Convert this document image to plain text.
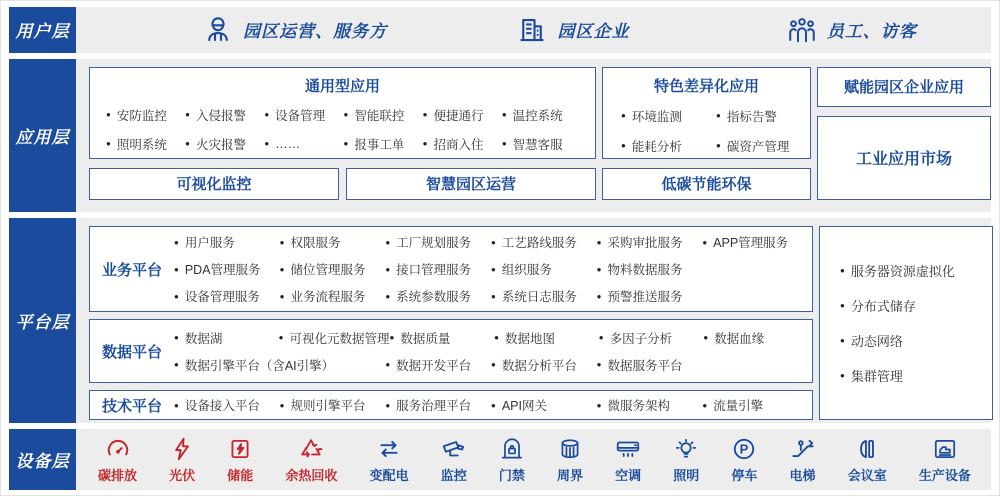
用户层	园区运营、服务方	园区企业	员工、访客
应用层
通用型应用
● 安防监控	● 入侵报警	● 设备管理	● 智能联控	● 便捷通行	● 温控系统
● 照明系统	● 火灾报警	● ……	● 报事工单	● 招商入住	● 智慧客服
可视化监控	智慧园区运营
特色差异化应用
● 环境监测	● 指标告警
● 能耗分析	● 碳资产管理
低碳节能环保
赋能园区企业应用
工业应用市场
平台层
业务平台
● 用户服务	● 权限服务	● 工厂规划服务	● 工艺路线服务	● 采购审批服务	● APP管理服务
● PDA管理服务	● 储位管理服务	● 接口管理服务	● 组织服务	● 物料数据服务
● 设备管理服务	● 业务流程服务	● 系统参数服务	● 系统日志服务	● 预警推送服务
数据平台
● 数据湖	● 可视化元数据管理 ● 数据质量	● 数据地图	● 多因子分析	● 数据血缘
● 数据引擎平台（含AI引擎）	● 数据开发平台	● 数据分析平台	● 数据服务平台
技术平台	● 设备接入平台	● 规则引擎平台	● 服务治理平台	● API网关	● 微服务架构	● 流量引擎
● 服务器资源虚拟化
● 分布式储存
● 动态网络
● 集群管理
设备层
碳排放 光伏 储能 余热回收 变配电 监控 门禁 周界 空调 照明
P
停车 电梯 会议室 生产设备
